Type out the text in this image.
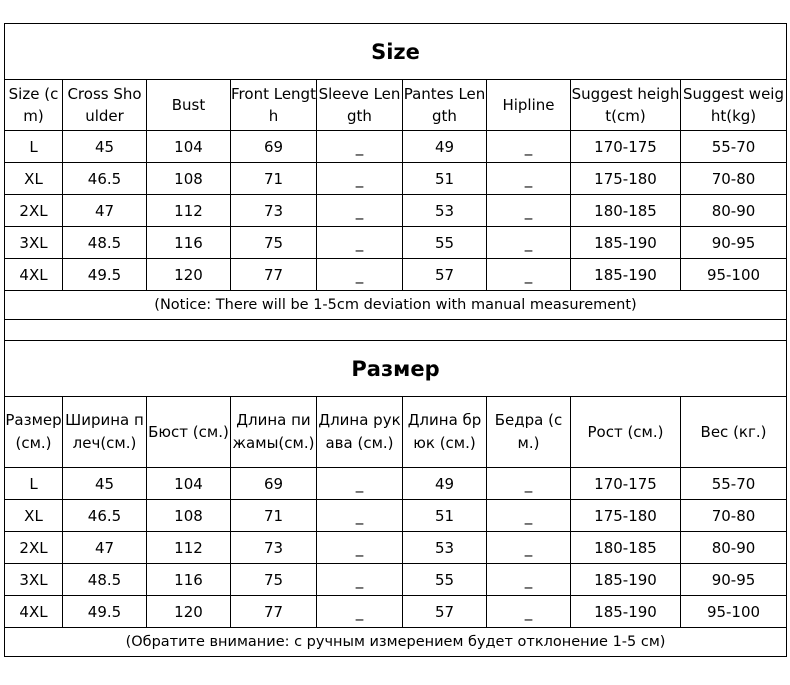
Size								
Size (cm)	Cross Shoulder	Bust	Front Length	Sleeve Length	Pantes Length	Hipline	Suggest height(cm)	Suggest weight(kg)
L	45	104	69	_	49	_	170-175	55-70
XL	46.5	108	71	_	51	_	175-180	70-80
2XL	47	112	73	_	53	_	180-185	80-90
3XL	48.5	116	75	_	55	_	185-190	90-95
4XL	49.5	120	77	_	57	_	185-190	95-100
(Notice: There will be 1-5cm deviation with manual measurement)								

Размер								
Размер (см.)	Ширина плеч(см.)	Бюст (см.)	Длина пижамы(см.)	Длина рукава (см.)	Длина брюк (см.)	Бедра (см.)	Рост (см.)	Вес (кг.)
L	45	104	69	_	49	_	170-175	55-70
XL	46.5	108	71	_	51	_	175-180	70-80
2XL	47	112	73	_	53	_	180-185	80-90
3XL	48.5	116	75	_	55	_	185-190	90-95
4XL	49.5	120	77	_	57	_	185-190	95-100
(Обратите внимание: с ручным измерением будет отклонение 1-5 см)								
